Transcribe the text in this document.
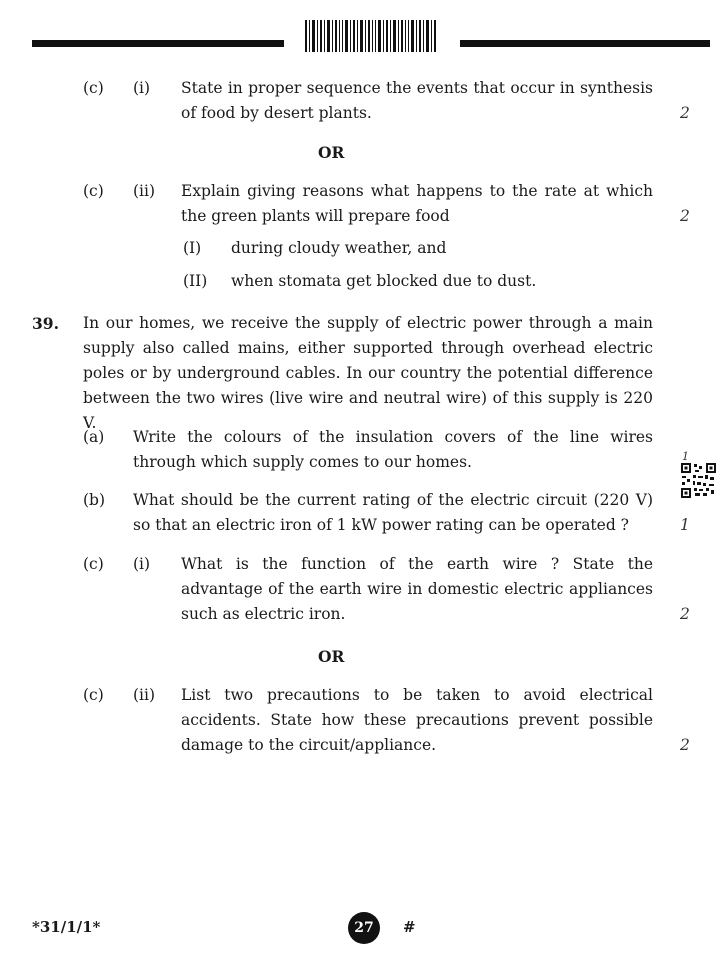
(c) (i) State in proper sequence the events that occur in synthesis of food by desert plants.	2
OR
(c) (ii) Explain giving reasons what happens to the rate at which the green plants will prepare food	2
(I) during cloudy weather, and
(II) when stomata get blocked due to dust.
39. In our homes, we receive the supply of electric power through a main supply also called mains, either supported through overhead electric poles or by underground cables. In our country the potential difference between the two wires (live wire and neutral wire) of this supply is 220 V.
(a) Write the colours of the insulation covers of the line wires through which supply comes to our homes.	1
(b) What should be the current rating of the electric circuit (220 V) so that an electric iron of 1 kW power rating can be operated ?	1
(c) (i) What is the function of the earth wire ? State the advantage of the earth wire in domestic electric appliances such as electric iron.	2
OR
(c) (ii) List two precautions to be taken to avoid electrical accidents. State how these precautions prevent possible damage to the circuit/appliance.	2
*31/1/1*	27	#
